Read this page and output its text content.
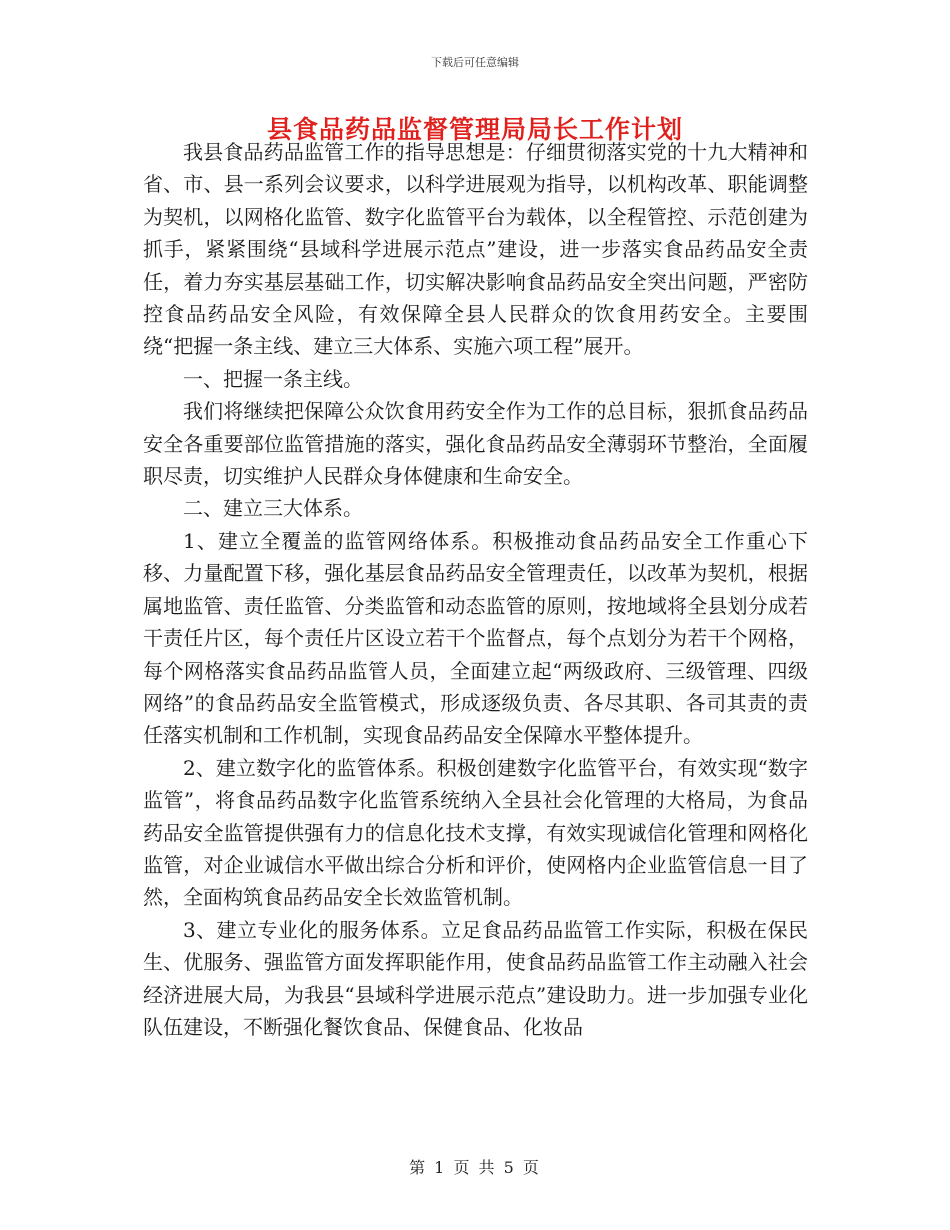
下载后可任意编辑
县食品药品监督管理局局长工作计划

我县食品药品监管工作的指导思想是：仔细贯彻落实党的十九大精神和省、市、县一系列会议要求，以科学进展观为指导，以机构改革、职能调整为契机，以网格化监管、数字化监管平台为载体，以全程管控、示范创建为抓手，紧紧围绕“县域科学进展示范点”建设，进一步落实食品药品安全责任，着力夯实基层基础工作，切实解决影响食品药品安全突出问题，严密防控食品药品安全风险，有效保障全县人民群众的饮食用药安全。主要围绕“把握一条主线、建立三大体系、实施六项工程”展开。

一、把握一条主线。

我们将继续把保障公众饮食用药安全作为工作的总目标，狠抓食品药品安全各重要部位监管措施的落实，强化食品药品安全薄弱环节整治，全面履职尽责，切实维护人民群众身体健康和生命安全。

二、建立三大体系。

1、建立全覆盖的监管网络体系。积极推动食品药品安全工作重心下移、力量配置下移，强化基层食品药品安全管理责任，以改革为契机，根据属地监管、责任监管、分类监管和动态监管的原则，按地域将全县划分成若干责任片区，每个责任片区设立若干个监督点，每个点划分为若干个网格，每个网格落实食品药品监管人员，全面建立起“两级政府、三级管理、四级网络”的食品药品安全监管模式，形成逐级负责、各尽其职、各司其责的责任落实机制和工作机制，实现食品药品安全保障水平整体提升。

2、建立数字化的监管体系。积极创建数字化监管平台，有效实现“数字监管”，将食品药品数字化监管系统纳入全县社会化管理的大格局，为食品药品安全监管提供强有力的信息化技术支撑，有效实现诚信化管理和网格化监管，对企业诚信水平做出综合分析和评价，使网格内企业监管信息一目了然，全面构筑食品药品安全长效监管机制。

3、建立专业化的服务体系。立足食品药品监管工作实际，积极在保民生、优服务、强监管方面发挥职能作用，使食品药品监管工作主动融入社会经济进展大局，为我县“县域科学进展示范点”建设助力。进一步加强专业化队伍建设，不断强化餐饮食品、保健食品、化妆品

第 1 页 共 5 页
